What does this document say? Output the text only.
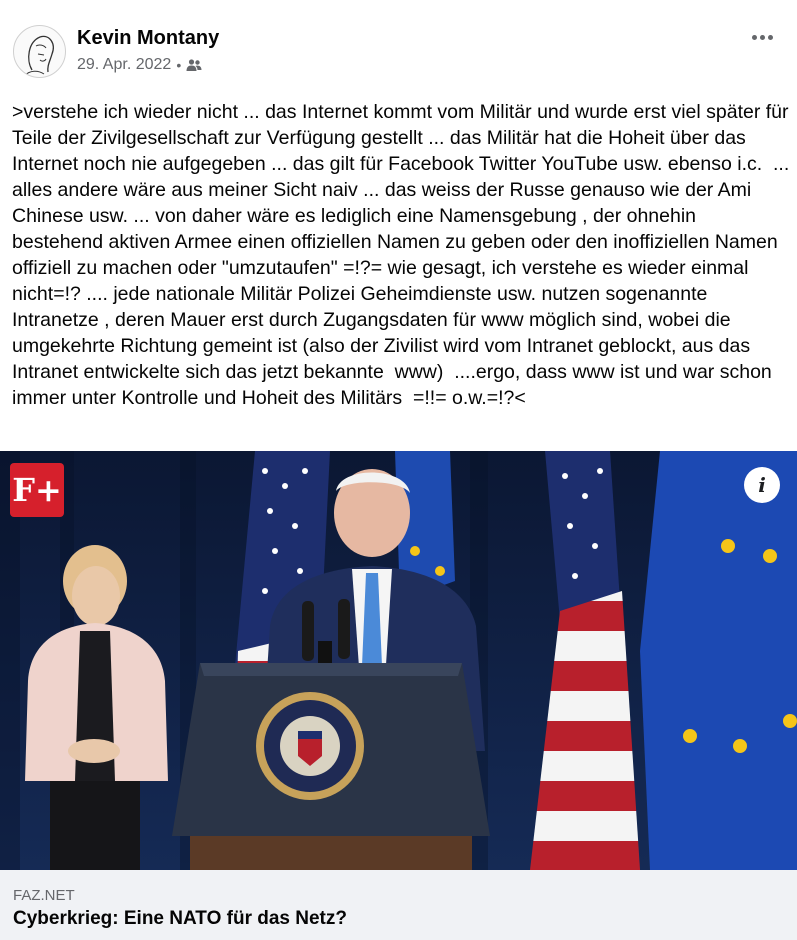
Kevin Montany
29. Apr. 2022 •
>verstehe ich wieder nicht ... das Internet kommt vom Militär und wurde erst viel später für Teile der Zivilgesellschaft zur Verfügung gestellt ... das Militär hat die Hoheit über das Internet noch nie aufgegeben ... das gilt für Facebook Twitter YouTube usw. ebenso i.c.  ... alles andere wäre aus meiner Sicht naiv ... das weiss der Russe genauso wie der Ami Chinese usw. ... von daher wäre es lediglich eine Namensgebung , der ohnehin bestehend aktiven Armee einen offiziellen Namen zu geben oder den inoffiziellen Namen offiziell zu machen oder "umzutaufen" =!?= wie gesagt, ich verstehe es wieder einmal nicht=!? .... jede nationale Militär Polizei Geheimdienste usw. nutzen sogenannte Intranetze , deren Mauer erst durch Zugangsdaten für www möglich sind, wobei die umgekehrte Richtung gemeint ist (also der Zivilist wird vom Intranet geblockt, aus das Intranet entwickelte sich das jetzt bekannte  www)  ....ergo, dass www ist und war schon immer unter Kontrolle und Hoheit des Militärs  =!!= o.w.=!?<
F+	i
FAZ.NET
Cyberkrieg: Eine NATO für das Netz?
